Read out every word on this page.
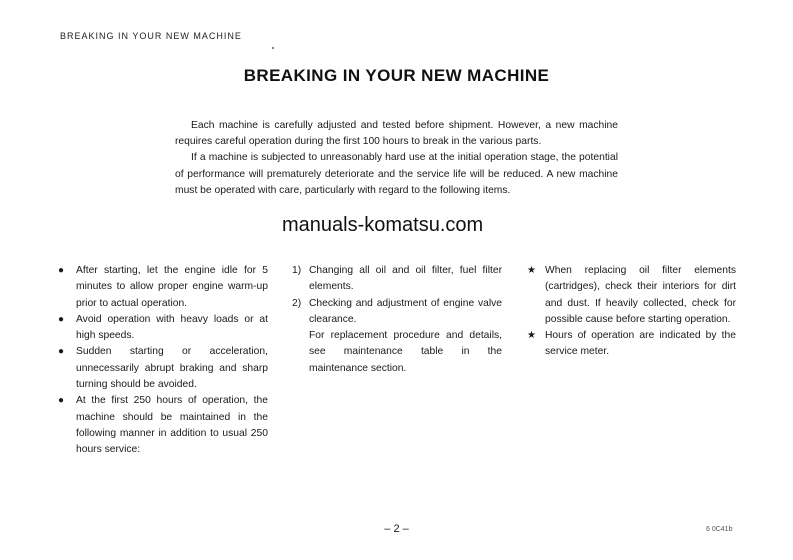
BREAKING IN YOUR NEW MACHINE
BREAKING IN YOUR NEW MACHINE

Each machine is carefully adjusted and tested before shipment. However, a new machine requires careful operation during the first 100 hours to break in the various parts.

If a machine is subjected to unreasonably hard use at the initial operation stage, the potential of performance will prematurely deteriorate and the service life will be reduced. A new machine must be operated with care, particularly with regard to the following items.

manuals-komatsu.com
●	After starting, let the engine idle for 5 minutes to allow proper engine warm-up prior to actual operation.
●	Avoid operation with heavy loads or at high speeds.
●	Sudden starting or acceleration, unnecessarily abrupt braking and sharp turning should be avoided.
●	At the first 250 hours of operation, the machine should be maintained in the following manner in addition to usual 250 hours service:
1) Changing all oil and oil filter, fuel filter elements.
2) Checking and adjustment of engine valve clearance.

For replacement procedure and details, see maintenance table in the maintenance section.

★ When replacing oil filter elements (cartridges), check their interiors for dirt and dust. If heavily collected, check for possible cause before starting operation.
★ Hours of operation are indicated by the service meter.
– 2 –	6 0C41b
